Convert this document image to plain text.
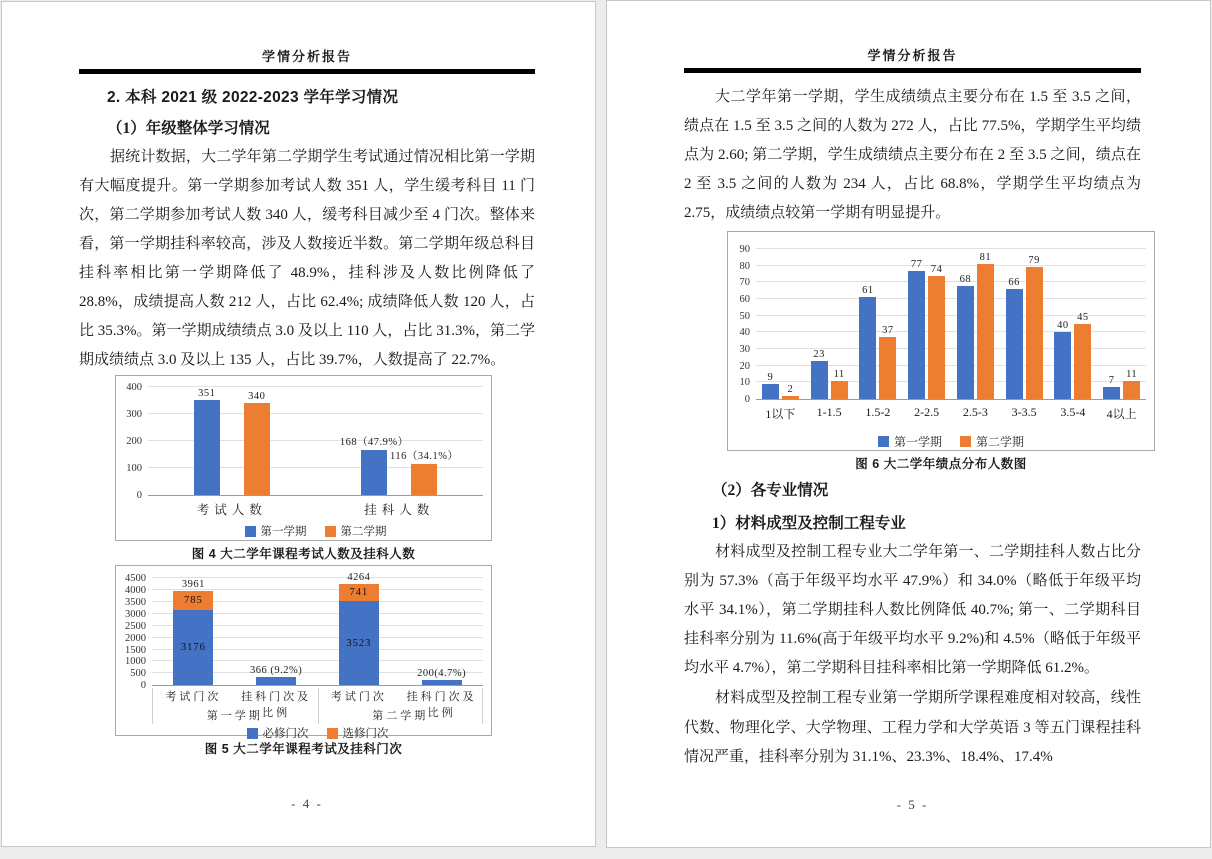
学情分析报告
2. 本科 2021 级 2022-2023 学年学习情况
（1）年级整体学习情况
据统计数据，大二学年第二学期学生考试通过情况相比第一学期有大幅度提升。第一学期参加考试人数 351 人，学生缓考科目 11 门次，第二学期参加考试人数 340 人，缓考科目减少至 4 门次。整体来看，第一学期挂科率较高，涉及人数接近半数。第二学期年级总科目挂科率相比第一学期降低了 48.9%，挂科涉及人数比例降低了 28.8%，成绩提高人数 212 人，占比 62.4%; 成绩降低人数 120 人，占比 35.3%。第一学期成绩绩点 3.0 及以上 110 人，占比 31.3%，第二学期成绩绩点 3.0 及以上 135 人，占比 39.7%，人数提高了 22.7%。
0
100
200
300
400
351	340
168（47.9%）
116（34.1%）
考试人数	挂科人数
第一学期	第二学期
图 4 大二学年课程考试人数及挂科人数
0
500
1000
1500
2000
2500
3000
3500
4000
4500
3961
785
3176
366 (9.2%)
4264
741
3523
200(4.7%)
考试门次	挂科门次及比例
考试门次	挂科门次及比例
第一学期	第二学期
必修门次	选修门次
图 5 大二学年课程考试及挂科门次
- 4 -
学情分析报告
大二学年第一学期，学生成绩绩点主要分布在 1.5 至 3.5 之间，绩点在 1.5 至 3.5 之间的人数为 272 人，占比 77.5%，学期学生平均绩点为 2.60; 第二学期，学生成绩绩点主要分布在 2 至 3.5 之间，绩点在 2 至 3.5 之间的人数为 234 人，占比 68.8%，学期学生平均绩点为 2.75，成绩绩点较第一学期有明显提升。
0
10
20
30
40
50
60
70
80
90
9
2
23
11
61
37
77 74
68
81
66
79
40
45
7
11
1以下	1-1.5	1.5-2	2-2.5	2.5-3	3-3.5	3.5-4	4以上
第一学期	第二学期
图 6 大二学年绩点分布人数图
（2）各专业情况
1）材料成型及控制工程专业
材料成型及控制工程专业大二学年第一、二学期挂科人数占比分别为 57.3%（高于年级平均水平 47.9%）和 34.0%（略低于年级平均水平 34.1%），第二学期挂科人数比例降低 40.7%; 第一、二学期科目挂科率分别为 11.6%(高于年级平均水平 9.2%)和 4.5%（略低于年级平均水平 4.7%），第二学期科目挂科率相比第一学期降低 61.2%。
材料成型及控制工程专业第一学期所学课程难度相对较高，线性代数、物理化学、大学物理、工程力学和大学英语 3 等五门课程挂科情况严重，挂科率分别为 31.1%、23.3%、18.4%、17.4%
- 5 -
